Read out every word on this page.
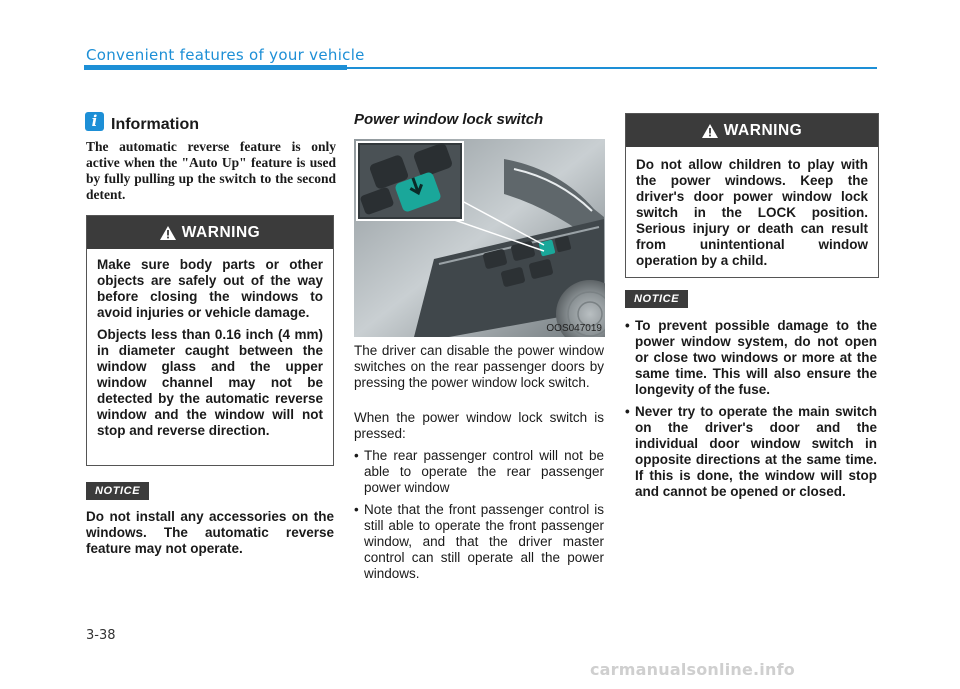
Convenient features of your vehicle
i Information

The automatic reverse feature is only active when the "Auto Up" feature is used by fully pulling up the switch to the second detent.

WARNING

Make sure body parts or other objects are safely out of the way before closing the windows to avoid injuries or vehicle damage.

Objects less than 0.16 inch (4 mm) in diameter caught between the window glass and the upper window channel may not be detected by the automatic reverse window and the window will not stop and reverse direction.

NOTICE

Do not install any accessories on the windows. The automatic reverse feature may not operate.

Power window lock switch
OOS047019

The driver can disable the power window switches on the rear passenger doors by pressing the power window lock switch.

When the power window lock switch is pressed:

• The rear passenger control will not be able to operate the rear passenger power window
• Note that the front passenger control is still able to operate the front passenger window, and that the driver master control can still operate all the power windows.
WARNING

Do not allow children to play with the power windows. Keep the driver's door power window lock switch in the LOCK position. Serious injury or death can result from unintentional window operation by a child.

NOTICE
• To prevent possible damage to the power window system, do not open or close two windows or more at the same time. This will also ensure the longevity of the fuse.
• Never try to operate the main switch on the driver's door and the individual door window switch in opposite directions at the same time. If this is done, the window will stop and cannot be opened or closed.
3-38
carmanualsonline.info
